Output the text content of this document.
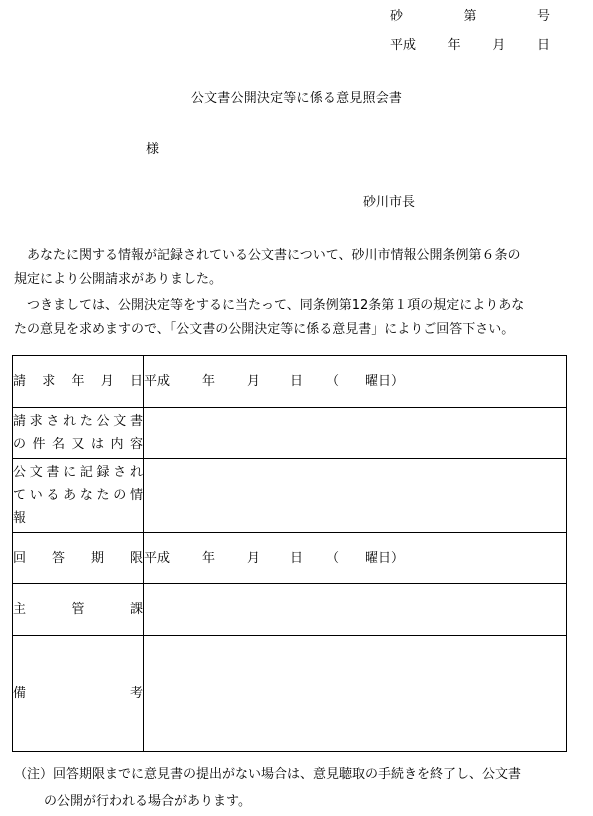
砂	第	号
平成 年 月 日
公文書公開決定等に係る意見照会書
様
砂川市長
　あなたに関する情報が記録されている公文書について、砂川市情報公開条例第６条の
規定により公開請求がありました。
　つきましては、公開決定等をするに当たって、同条例第12条第１項の規定によりあな
たの意見を求めますので、「公文書の公開決定等に係る意見書」によりご回答下さい。
請 求 年 月 日	平成 年 月 日 （　　曜日）

請求された公文書
の件名又は内容	

公文書に記録され
ているあなたの情
報	

回 答 期 限	平成 年 月 日 （　　曜日）

主 管 課	

備 考	

（注）回答期限までに意見書の提出がない場合は、意見聴取の手続きを終了し、公文書
の公開が行われる場合があります。
